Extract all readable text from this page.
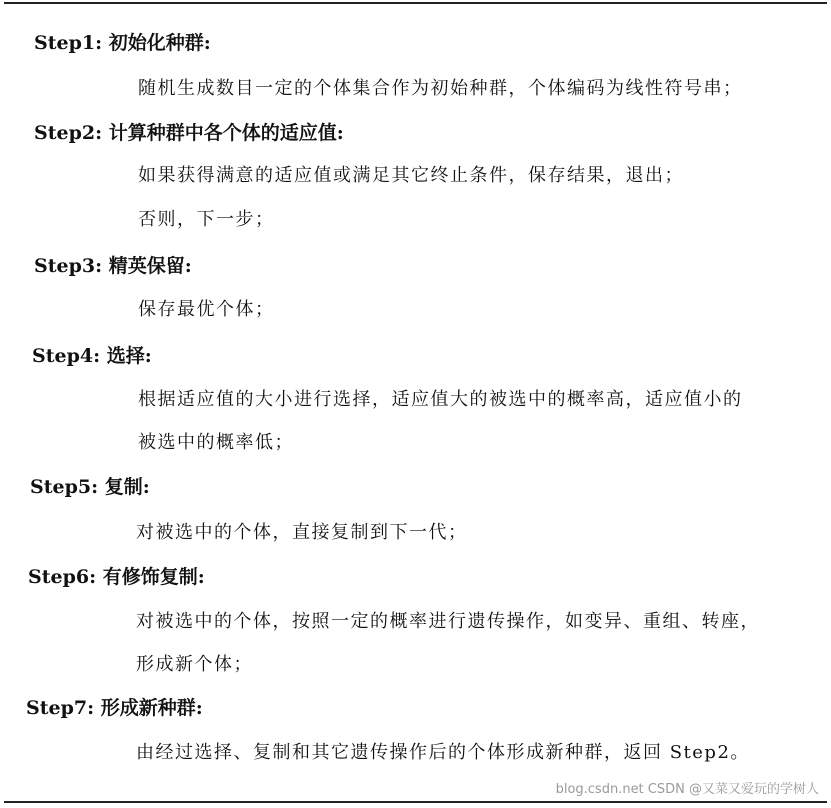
Step1: 初始化种群:
随机生成数目一定的个体集合作为初始种群，个体编码为线性符号串；
Step2: 计算种群中各个体的适应值:
如果获得满意的适应值或满足其它终止条件，保存结果，退出；
否则，下一步；
Step3: 精英保留:
保存最优个体；
Step4: 选择:
根据适应值的大小进行选择，适应值大的被选中的概率高，适应值小的
被选中的概率低；
Step5: 复制:
对被选中的个体，直接复制到下一代；
Step6: 有修饰复制:
对被选中的个体，按照一定的概率进行遗传操作，如变异、重组、转座，
形成新个体；
Step7: 形成新种群:
由经过选择、复制和其它遗传操作后的个体形成新种群，返回 Step2。
blog.csdn.net CSDN @又菜又爱玩的学树人
